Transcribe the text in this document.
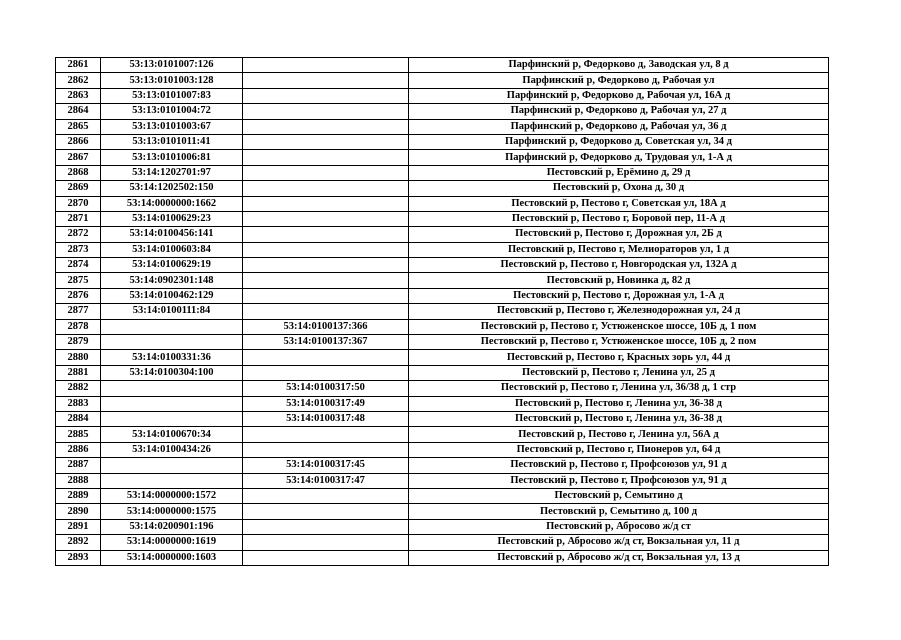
2861	53:13:0101007:126		Парфинский р, Федорково д, Заводская ул, 8 д
2862	53:13:0101003:128		Парфинский р, Федорково д, Рабочая ул
2863	53:13:0101007:83		Парфинский р, Федорково д, Рабочая ул, 16А д
2864	53:13:0101004:72		Парфинский р, Федорково д, Рабочая ул, 27 д
2865	53:13:0101003:67		Парфинский р, Федорково д, Рабочая ул, 36 д
2866	53:13:0101011:41		Парфинский р, Федорково д, Советская ул, 34 д
2867	53:13:0101006:81		Парфинский р, Федорково д, Трудовая ул, 1-А д
2868	53:14:1202701:97		Пестовский р, Ерёмино д, 29 д
2869	53:14:1202502:150		Пестовский р, Охона д, 30 д
2870	53:14:0000000:1662		Пестовский р, Пестово г, Советская ул, 18А д
2871	53:14:0100629:23		Пестовский р, Пестово г, Боровой пер, 11-А д
2872	53:14:0100456:141		Пестовский р, Пестово г, Дорожная ул, 2Б д
2873	53:14:0100603:84		Пестовский р, Пестово г, Мелиораторов ул, 1 д
2874	53:14:0100629:19		Пестовский р, Пестово г, Новгородская ул, 132А д
2875	53:14:0902301:148		Пестовский р, Новинка д, 82 д
2876	53:14:0100462:129		Пестовский р, Пестово г, Дорожная ул, 1-А д
2877	53:14:0100111:84		Пестовский р, Пестово г, Железнодорожная ул, 24 д
2878		53:14:0100137:366	Пестовский р, Пестово г, Устюженское шоссе, 10Б д, 1 пом
2879		53:14:0100137:367	Пестовский р, Пестово г, Устюженское шоссе, 10Б д, 2 пом
2880	53:14:0100331:36		Пестовский р, Пестово г, Красных зорь ул, 44 д
2881	53:14:0100304:100		Пестовский р, Пестово г, Ленина ул, 25 д
2882		53:14:0100317:50	Пестовский р, Пестово г, Ленина ул, 36/38 д, 1 стр
2883		53:14:0100317:49	Пестовский р, Пестово г, Ленина ул, 36-38 д
2884		53:14:0100317:48	Пестовский р, Пестово г, Ленина ул, 36-38 д
2885	53:14:0100670:34		Пестовский р, Пестово г, Ленина ул, 56А д
2886	53:14:0100434:26		Пестовский р, Пестово г, Пионеров ул, 64 д
2887		53:14:0100317:45	Пестовский р, Пестово г, Профсоюзов ул, 91 д
2888		53:14:0100317:47	Пестовский р, Пестово г, Профсоюзов ул, 91 д
2889	53:14:0000000:1572		Пестовский р, Семытино д
2890	53:14:0000000:1575		Пестовский р, Семытино д, 100 д
2891	53:14:0200901:196		Пестовский р, Абросово ж/д ст
2892	53:14:0000000:1619		Пестовский р, Абросово ж/д ст, Вокзальная ул, 11 д
2893	53:14:0000000:1603		Пестовский р, Абросово ж/д ст, Вокзальная ул, 13 д
